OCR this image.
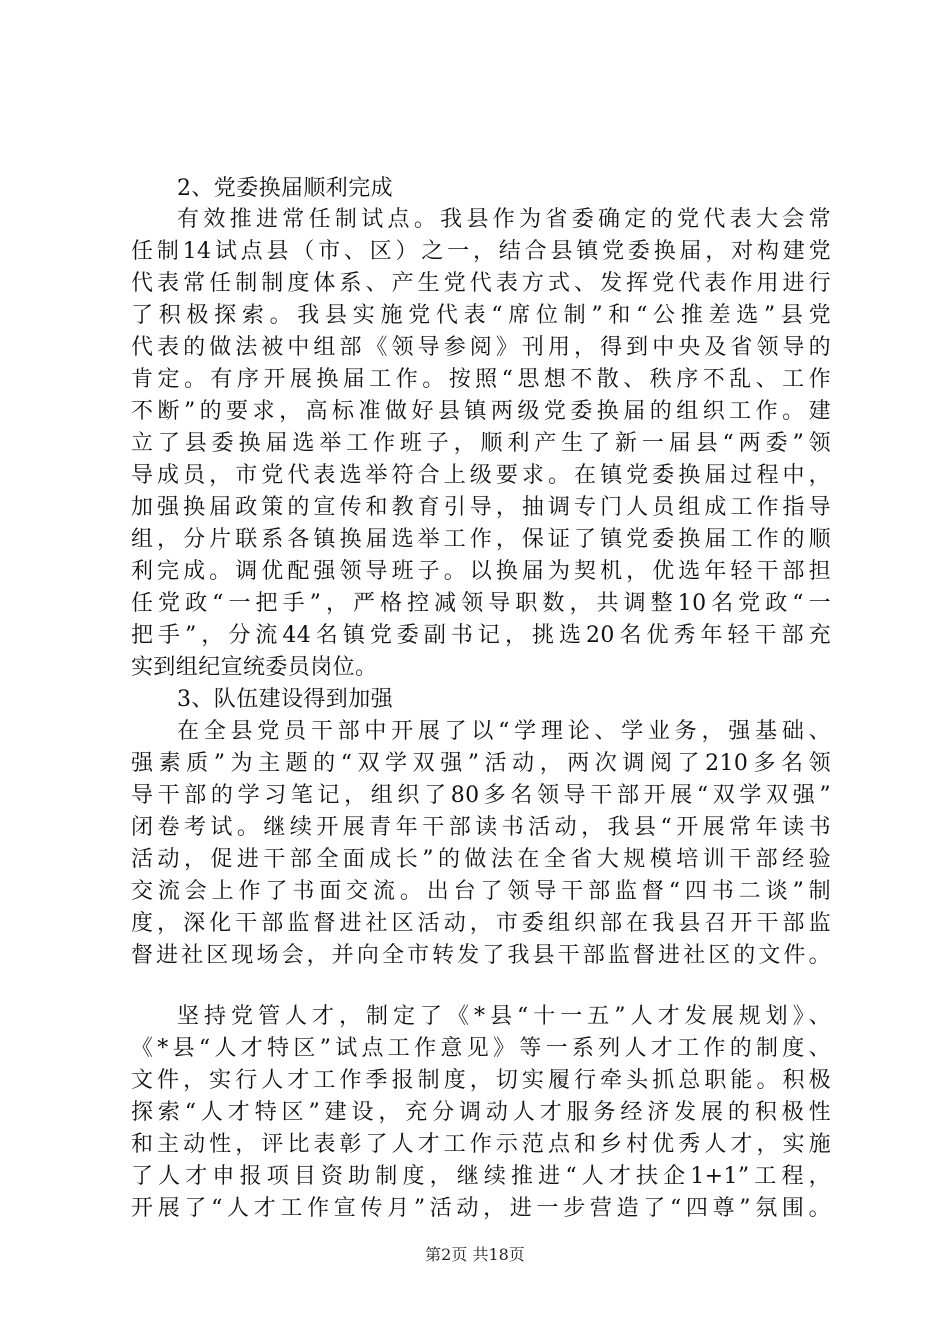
2、党委换届顺利完成
有效推进常任制试点。我县作为省委确定的党代表大会常
任制14试点县（市、区）之一，结合县镇党委换届，对构建党
代表常任制制度体系、产生党代表方式、发挥党代表作用进行
了积极探索。我县实施党代表“席位制”和“公推差选”县党
代表的做法被中组部《领导参阅》刊用，得到中央及省领导的
肯定。有序开展换届工作。按照“思想不散、秩序不乱、工作
不断”的要求，高标准做好县镇两级党委换届的组织工作。建
立了县委换届选举工作班子，顺利产生了新一届县“两委”领
导成员，市党代表选举符合上级要求。在镇党委换届过程中，
加强换届政策的宣传和教育引导，抽调专门人员组成工作指导
组，分片联系各镇换届选举工作，保证了镇党委换届工作的顺
利完成。调优配强领导班子。以换届为契机，优选年轻干部担
任党政“一把手”，严格控减领导职数，共调整10名党政“一
把手”，分流44名镇党委副书记，挑选20名优秀年轻干部充
实到组纪宣统委员岗位。
3、队伍建设得到加强
在全县党员干部中开展了以“学理论、学业务，强基础、
强素质”为主题的“双学双强”活动，两次调阅了210多名领
导干部的学习笔记，组织了80多名领导干部开展“双学双强”
闭卷考试。继续开展青年干部读书活动，我县“开展常年读书
活动，促进干部全面成长”的做法在全省大规模培训干部经验
交流会上作了书面交流。出台了领导干部监督“四书二谈”制
度，深化干部监督进社区活动，市委组织部在我县召开干部监
督进社区现场会，并向全市转发了我县干部监督进社区的文件。
坚持党管人才，制定了《*县“十一五”人才发展规划》、
《*县“人才特区”试点工作意见》等一系列人才工作的制度、
文件，实行人才工作季报制度，切实履行牵头抓总职能。积极
探索“人才特区”建设，充分调动人才服务经济发展的积极性
和主动性，评比表彰了人才工作示范点和乡村优秀人才，实施
了人才申报项目资助制度，继续推进“人才扶企1+1”工程，
开展了“人才工作宣传月”活动，进一步营造了“四尊”氛围。
第2页 共18页
